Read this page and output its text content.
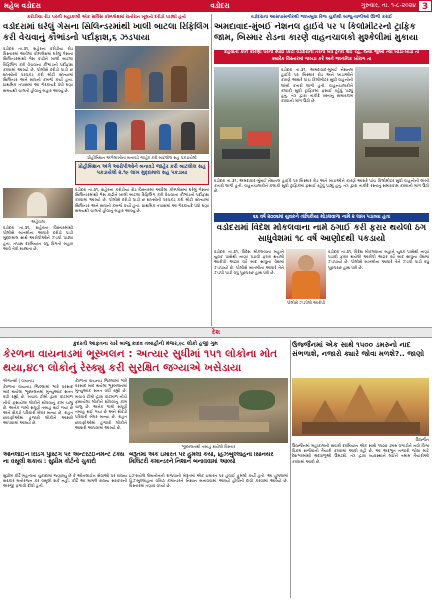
મહેલ વડોદરા	વડોદરા	ગુરુવાર, તા. ૧-૮-૨૦૨૪ 3
કરોડીયા રોડ પરની મહાકાલી એક સર્વિસ કોમ્પ્લેક્ષમાં રાતોરાત ખૂલતો દરોડો પાડ્યો હતો
વડોદરામાં ઘરેલું ગેસના સિલિન્ડરમાંથી ખાલી બાટલા રિફિલિંગ કરી વેચવાનું કૌભાંડનો પર્દાફાશ,૬ ઝડપાયા
વડોદરા તા.૩૧, શહેરના કરોડીયા રોડ વિસ્તારમાં આવેલા કોમ્પ્લેક્ષમાં ઘરેલું ગેસના સિલિન્ડરમાંથી ગેસ કાઢીને ખાલી બાટલા રિફિલિંગ કરી વેચવાના કૌભાંડનો પર્દાફાશ કરવામાં આવ્યો છે. પોલીસે દરોડો પાડી છ શખ્સોની ધરપકડ કરી મોટી સંખ્યામાં સિલિન્ડર અને સાધનો કબજે કર્યા હતા. પ્રાથમિક તપાસમાં આ ગેરકાયદે ધંધો ઘણા સમયથી ચાલતો હોવાનું બહાર આવ્યું છે.
પ્રોહીબિશન અંગેલાખોના બનાવડે જાહેર કરી બાટલોલ સહ પકડાયેલો
પ્રોહીબિશન અંગે આરોપીઓને બનાવડે જાહેર કરી બાટલોલ સહ પકડાયેલો ૨.૧૯ લાખ મુદ્દામાલ સહ પકડાયા
અહેવાલ
વડોદરા તા.૩૧, શહેરના વિસ્તારમાંથી પોલીસે બાતમીના આધારે દરોડો પાડી મુદ્દામાલ સાથે આરોપીઓને ઝડપી પાડ્યા હતા. તપાસ દરમિયાન વધુ વિગતો બહાર આવે તેવી શક્યતા છે.
વડોદરા તા.૩૧, શહેરના કરોડીયા રોડ વિસ્તારમાં આવેલા કોમ્પ્લેક્ષમાં ઘરેલું ગેસના સિલિન્ડરમાંથી ગેસ કાઢીને ખાલી બાટલા રિફિલિંગ કરી વેચવાના કૌભાંડનો પર્દાફાશ કરવામાં આવ્યો છે. પોલીસે દરોડો પાડી છ શખ્સોની ધરપકડ કરી મોટી સંખ્યામાં સિલિન્ડર અને સાધનો કબજે કર્યા હતા. પ્રાથમિક તપાસમાં આ ગેરકાયદે ધંધો ઘણા સમયથી ચાલતો હોવાનું બહાર આવ્યું છે.
વડોદરાના આસપાસગીરથી જાખબુધા રિજ ચુકીથી બાજુ-વાળીઓ ઊભી કરાઈ
અમદાવાદ-મુંબઈ નેશનલ હાઈવે પર ૫ કિલોમીટરનો ટ્રાફિક જામ, બિસ્માર રોડના કારણે વાહનચાલકો મુશ્કેલીમાં મુકાયા
કહેવાતી કાન કારણા પરની સ્પાઈ કિટી વડોદરાની તરના બધે ટ્રેન્કા થઈ રહે, જ્યાં જુઓ ત્યાં ખાડા-ખાડા તો ક્યારેક વિસ્તારમાં ગાબડા કરે અને જાનનિક ખોરાગ તા
વડોદરા તા.૩૧, અમદાવાદ-મુંબઈ નેશનલ હાઈવે પર બિસ્માર રોડ અને ખાડાઓને કારણે આશરે પાંચ કિલોમીટર સુધી વાહનોની લાંબી કતારો લાગી હતી. વાહનચાલકોને કલાકો સુધી ટ્રાફિકમાં ફસાઈ રહેવું પડ્યું હતું. તંત્ર દ્વારા તાકીદે રસ્તાનું સમારકામ કરવાની માંગ ઉઠી છે.
વડોદરા તા.૩૧, અમદાવાદ-મુંબઈ નેશનલ હાઈવે પર બિસ્માર રોડ અને ખાડાઓને કારણે આશરે પાંચ કિલોમીટર સુધી વાહનોની લાંબી કતારો લાગી હતી. વાહનચાલકોને કલાકો સુધી ટ્રાફિકમાં ફસાઈ રહેવું પડ્યું હતું. તંત્ર દ્વારા તાકીદે રસ્તાનું સમારકામ કરવાની માંગ ઉઠી છે.
૬૬ વર્ષે ૨૦૦૬માં યુવકને તાંત્રિકીયા મોડલવાળા નામે ૨ લાખ પડાવ્યા હતા
વડોદરામાં વિદેશ મોકલવાના નામે ઠગાઈ કરી ફરાર થયેલો ઠગ સાધુવેશમાં ૧૮ વર્ષે આણોદથી પકડાયો
વડોદરા તા.૩૧, વિદેશ મોકલવાના બહાને યુવક પાસેથી નાણાં પડાવી ફરાર થયેલો આરોપી અઢાર વર્ષ બાદ સાધુના વેશમાં ઝડપાયો છે. પોલીસે બાતમીના આધારે તેને ઝડપી પાડી વધુ પૂછપરછ હાથ ધરી છે.
પોલીસે ઝડપેલો આરોપી
વડોદરા તા.૩૧, વિદેશ મોકલવાના બહાને યુવક પાસેથી નાણાં પડાવી ફરાર થયેલો આરોપી અઢાર વર્ષ બાદ સાધુના વેશમાં ઝડપાયો છે. પોલીસે બાતમીના આધારે તેને ઝડપી પાડી વધુ પૂછપરછ હાથ ધરી છે.
દેશ
કુદરતી આફતના ચારે બાજુ કાદવ તબાહીની મંજર,૯૮ લોકો હજી ગુમ
કેરળના વાયનાડમાં ભૂસ્ખલન : અત્યાર સુધીમાં ૧૫૧ લોકોના મોત થયા,૪૮૧ લોકોનું રેસ્ક્યુ કરી સુરક્ષિત જગ્યાએ ખસેડાયા
એજન્સી | વાયનાડ
કેરળના વાયનાડ જિલ્લામાં ભારે વરસાદ બાદ થયેલા ભૂસ્ખલનમાં મૃત્યુઆંક સતત વધી રહ્યો છે. બચાવ ટીમો દ્વારા કાટમાળ નીચે ફસાયેલા લોકોને શોધવાનું કામ ચાલુ છે. અનેક ગામો સંપૂર્ણ તબાહ થઈ ગયા છે અને સેંકડો પરિવારો બેઘર બન્યા છે. રાહત છાવણીઓમાં હજારો લોકોને આશરો આપવામાં આવ્યો છે.
કેરળના વાયનાડ જિલ્લામાં ભારે વરસાદ બાદ થયેલા ભૂસ્ખલનમાં મૃત્યુઆંક સતત વધી રહ્યો છે. બચાવ ટીમો દ્વારા કાટમાળ નીચે ફસાયેલા લોકોને શોધવાનું કામ ચાલુ છે. અનેક ગામો સંપૂર્ણ તબાહ થઈ ગયા છે અને સેંકડો પરિવારો બેઘર બન્યા છે. રાહત છાવણીઓમાં હજારો લોકોને આશરો આપવામાં આવ્યો છે.
ભૂસ્ખલનથી તબાહ થયેલો વિસ્તાર
ઉજ્જૈનમાં એક સાથે ૧૫૦૦ ડમરુનો નાદ સંભળાશે, નજારો ક્યારે જોવા મળશે?.. જાણો
ઉજ્જૈન
ઉજ્જૈનમાં મહાકાલની સવારી દરમિયાન એક સાથે ૧૫૦૦ ડમરુ વગાડીને નવો વિશ્વ વિક્રમ સર્જવાની તૈયારી કરવામાં આવી રહી છે. આ અદ્ભુત નજારો જોવા માટે દેશભરમાંથી શ્રદ્ધાળુઓ ઉમટશે. તંત્ર દ્વારા વ્યવસ્થાને લઈને તમામ તૈયારીઓ કરવામાં આવી છે.
ઓનલાઈન રિડિંગ પુસ્ટિંગ પર એન્ટરટેઈનમેન્ટ ટેક્સ ના વસૂલી શકાય : સુપ્રીમ કોર્ટનો ચુકાદો
સુપ્રીમ કોર્ટે મહત્વના ચુકાદામાં જણાવ્યું છે કે ઓનલાઈન સેવાઓ પર રાજ્ય સરકાર મનોરંજન કર વસૂલી શકે નહીં. કોર્ટે આ મામલે રાજ્ય સરકારની અરજી ફગાવી દીધી હતી.
બેરૂતમાં એક ઇમારત પર હુમલો કર્યો, હિઝબુલ્લાહના સિનિયર મિલિટરી કમાન્ડરને નિશાન બનાવવામાં આવ્યો
ઇઝરાયેલે લેબનોનની રાજધાની બેરૂતમાં એક ઇમારત પર હવાઈ હુમલો કર્યો હતો. આ હુમલામાં હિઝબુલ્લાહના વરિષ્ઠ કમાન્ડરને નિશાન બનાવવામાં આવ્યો હોવાનો દાવો કરવામાં આવ્યો છે. વિસ્તારમાં તણાવ વધ્યો છે.
